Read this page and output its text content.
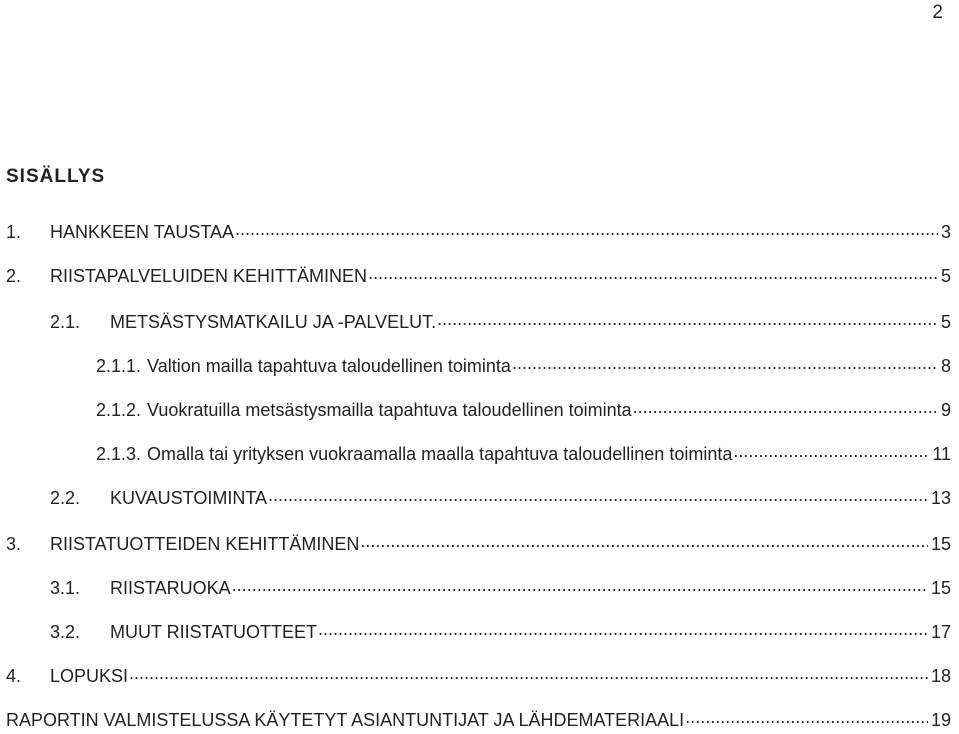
2
SISÄLLYS
1.	HANKKEEN TAUSTAA .....	3
2.	RIISTAPALVELUIDEN KEHITTÄMINEN .....	5
2.1.	METSÄSTYSMATKAILU JA -PALVELUT. .....	5
2.1.1. Valtion mailla tapahtuva taloudellinen toiminta .....	8
2.1.2. Vuokratuilla metsästysmailla tapahtuva taloudellinen toiminta .....	9
2.1.3. Omalla tai yrityksen vuokraamalla maalla tapahtuva taloudellinen toiminta .....	11
2.2.	KUVAUSTOIMINTA .....	13
3.	RIISTATUOTTEIDEN KEHITTÄMINEN .....	15
3.1.	RIISTARUOKA .....	15
3.2.	MUUT RIISTATUOTTEET .....	17
4.	LOPUKSI .....	18
RAPORTIN VALMISTELUSSA KÄYTETYT ASIANTUNTIJAT JA LÄHDEMATERIAALI .....	19
